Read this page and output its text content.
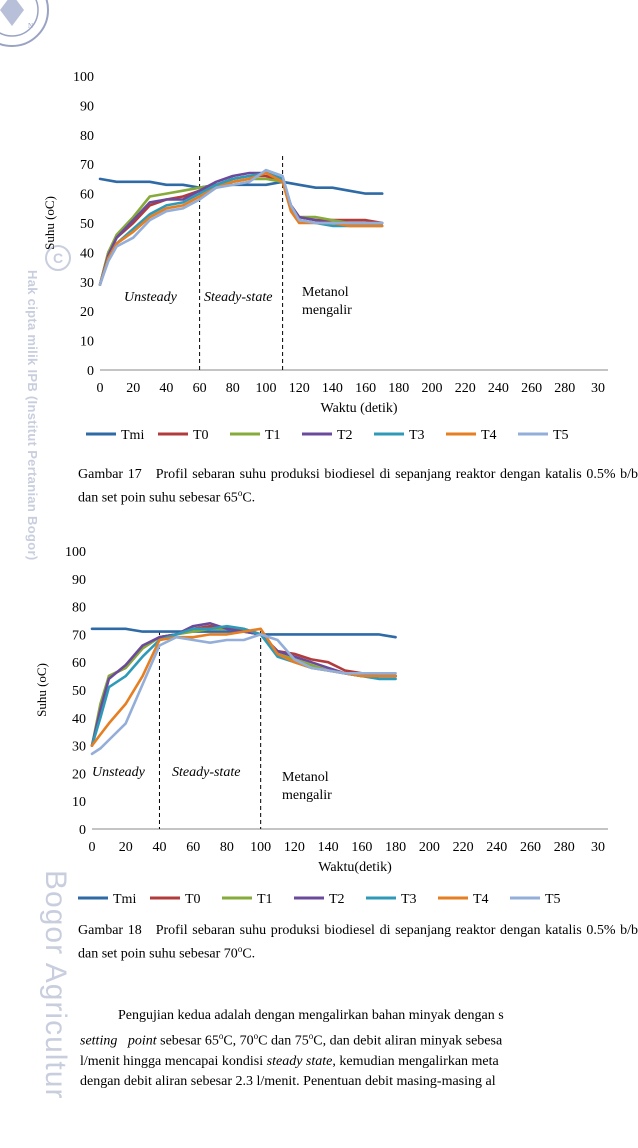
N
C
Hak cipta milik IPB (Institut Pertanian Bogor)
Bogor Agricultur
0
10
20
30
40
50
60
70
80
90
100
0 20 40 60 80 100 120 140 160 180 200 220 240 260 280 30
Waktu (detik)
Suhu (oC)
Unsteady Steady-state Metanol
mengalir
Tmi	T0	T1	T2	T3	T4	T5
Gambar 17 Profil sebaran suhu produksi biodiesel di sepanjang reaktor dengan katalis 0.5% b/b dan set poin suhu sebesar 65$^o$C.
0
10
20
30
40
50
60
70
80
90
100
0 20 40 60 80 100 120 140 160 180 200 220 240 260 280 30
Waktu(detik)
Suhu (oC)
Unsteady Steady-state	Metanol
mengalir
Tmi	T0	T1	T2	T3	T4	T5
Gambar 18 Profil sebaran suhu produksi biodiesel di sepanjang reaktor dengan katalis 0.5% b/b dan set poin suhu sebesar 70$^o$C.

Pengujian kedua adalah dengan mengalirkan bahan minyak dengan s

setting point sebesar 65$^o$C, 70$^o$C dan 75$^o$C, dan debit aliran minyak sebesa

l/menit hingga mencapai kondisi steady state, kemudian mengalirkan meta

dengan debit aliran sebesar 2.3 l/menit. Penentuan debit masing-masing al
